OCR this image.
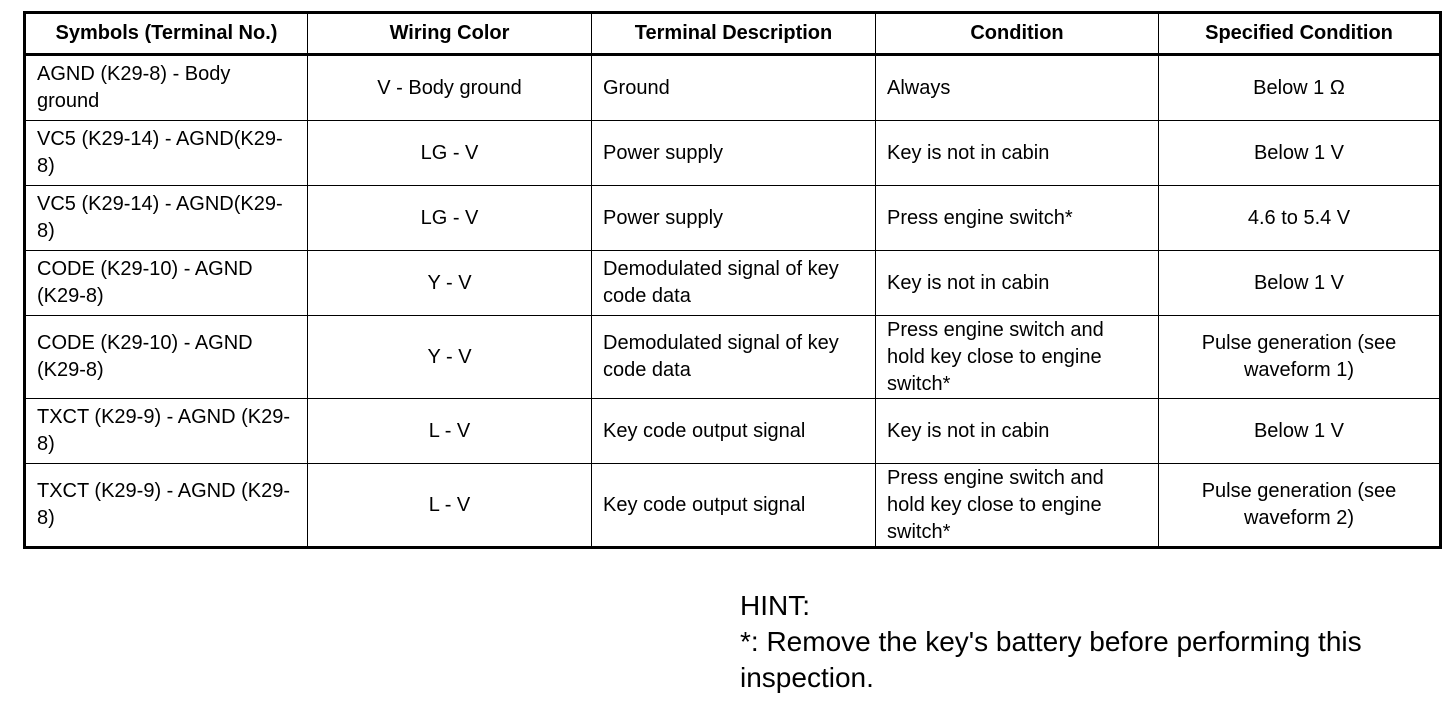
Symbols (Terminal No.)	Wiring Color	Terminal Description	Condition	Specified Condition
AGND (K29-8) - Body ground	V - Body ground	Ground	Always	Below 1 Ω
VC5 (K29-14) - AGND(K29-8)	LG - V	Power supply	Key is not in cabin	Below 1 V
VC5 (K29-14) - AGND(K29-8)	LG - V	Power supply	Press engine switch*	4.6 to 5.4 V
CODE (K29-10) - AGND (K29-8)	Y - V	Demodulated signal of key code data	Key is not in cabin	Below 1 V
CODE (K29-10) - AGND (K29-8)	Y - V	Demodulated signal of key code data	Press engine switch and hold key close to engine switch*	Pulse generation (see waveform 1)
TXCT (K29-9) - AGND (K29-8)	L - V	Key code output signal	Key is not in cabin	Below 1 V
TXCT (K29-9) - AGND (K29-8)	L - V	Key code output signal	Press engine switch and hold key close to engine switch*	Pulse generation (see waveform 2)
HINT:
*: Remove the key's battery before performing this inspection.
